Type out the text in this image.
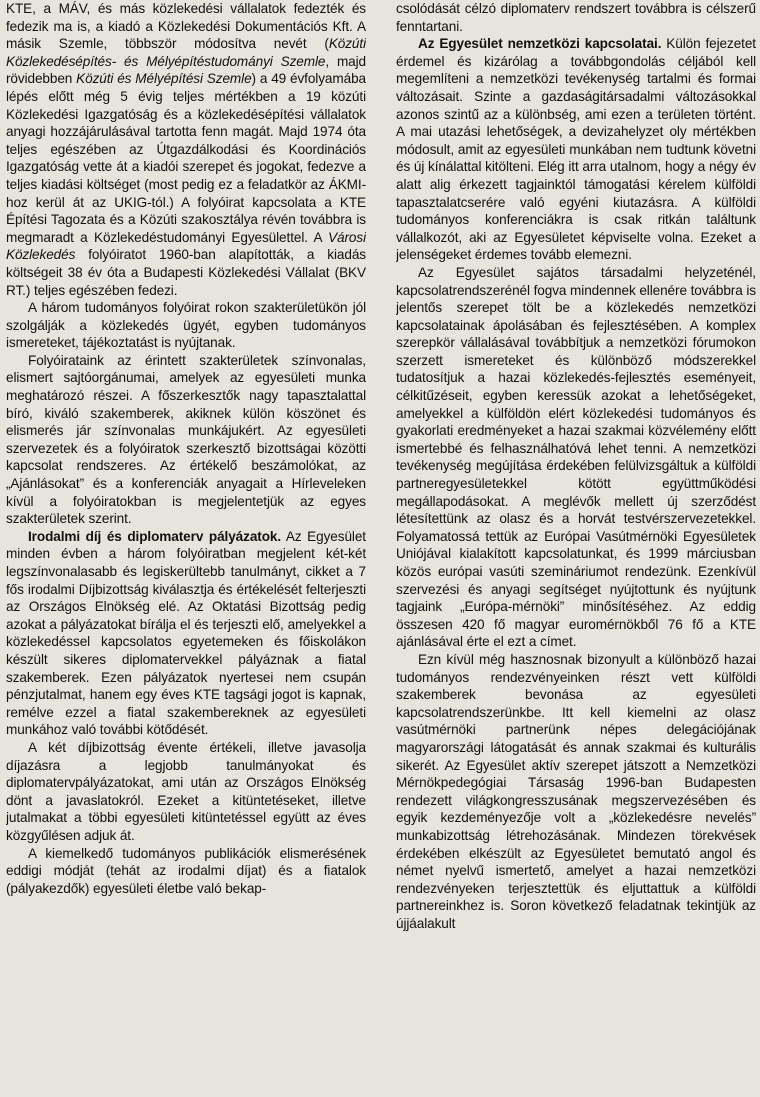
KTE, a MÁV, és más közlekedési vállalatok fedezték és fedezik ma is, a kiadó a Közlekedési Dokumentációs Kft. A másik Szemle, többször módosítva nevét (Közúti Közlekedésépítés- és Mélyépítéstudományi Szemle, majd rövidebben Közúti és Mélyépítési Szemle) a 49 évfolyamába lépés előtt még 5 évig teljes mértékben a 19 közúti Közlekedési Igazgatóság és a közlekedésépítési vállalatok anyagi hozzájárulásával tartotta fenn magát. Majd 1974 óta teljes egészében az Útgazdálkodási és Koordinációs Igazgatóság vette át a kiadói szerepet és jogokat, fedezve a teljes kiadási költséget (most pedig ez a feladatkör az ÁKMI-hoz kerül át az UKIG-tól.) A folyóirat kapcsolata a KTE Építési Tagozata és a Közúti szakosztálya révén továbbra is megmaradt a Közlekedéstudományi Egyesülettel. A Városi Közlekedés folyóiratot 1960-ban alapították, a kiadás költségeit 38 év óta a Budapesti Közlekedési Vállalat (BKV RT.) teljes egészében fedezi.

A három tudományos folyóirat rokon szakterületükön jól szolgálják a közlekedés ügyét, egyben tudományos ismereteket, tájékoztatást is nyújtanak.

Folyóirataink az érintett szakterületek színvonalas, elismert sajtóorgánumai, amelyek az egyesületi munka meghatározó részei. A főszerkesztők nagy tapasztalattal bíró, kiváló szakemberek, akiknek külön köszönet és elismerés jár színvonalas munkájukért. Az egyesületi szervezetek és a folyóiratok szerkesztő bizottságai közötti kapcsolat rendszeres. Az értékelő beszámolókat, az „Ajánlásokat” és a konferenciák anyagait a Hírleveleken kívül a folyóiratokban is megjelentetjük az egyes szakterületek szerint.

Irodalmi díj és diplomaterv pályázatok. Az Egyesület minden évben a három folyóiratban megjelent két-két legszínvonalasabb és legiskerültebb tanulmányt, cikket a 7 fős irodalmi Díjbizottság kiválasztja és értékelését felterjeszti az Országos Elnökség elé. Az Oktatási Bizottság pedig azokat a pályázatokat bírálja el és terjeszti elő, amelyekkel a közlekedéssel kapcsolatos egyetemeken és főiskolákon készült sikeres diplomatervekkel pályáznak a fiatal szakemberek. Ezen pályázatok nyertesei nem csupán pénzjutalmat, hanem egy éves KTE tagsági jogot is kapnak, remélve ezzel a fiatal szakembereknek az egyesületi munkához való további kötődését.

A két díjbizottság évente értékeli, illetve javasolja díjazásra a legjobb tanulmányokat és diplomatervpályázatokat, ami után az Országos Elnökség dönt a javaslatokról. Ezeket a kitüntetéseket, illetve jutalmakat a többi egyesületi kitüntetéssel együtt az éves közgyűlésen adjuk át.

A kiemelkedő tudományos publikációk elismerésének eddigi módját (tehát az irodalmi díjat) és a fiatalok (pályakezdők) egyesületi életbe való bekap-

csolódását célzó diplomaterv rendszert továbbra is célszerű fenntartani.

Az Egyesület nemzetközi kapcsolatai. Külön fejezetet érdemel és kizárólag a továbbgondolás céljából kell megemlíteni a nemzetközi tevékenység tartalmi és formai változásait. Szinte a gazdaságitársadalmi változásokkal azonos szintű az a különbség, ami ezen a területen történt. A mai utazási lehetőségek, a devizahelyzet oly mértékben módosult, amit az egyesületi munkában nem tudtunk követni és új kínálattal kitölteni. Elég itt arra utalnom, hogy a négy év alatt alig érkezett tagjainktól támogatási kérelem külföldi tapasztalatcserére való egyéni kiutazásra. A külföldi tudományos konferenciákra is csak ritkán találtunk vállalkozót, aki az Egyesületet képviselte volna. Ezeket a jelenségeket érdemes tovább elemezni.

Az Egyesület sajátos társadalmi helyzeténél, kapcsolatrendszerénél fogva mindennek ellenére továbbra is jelentős szerepet tölt be a közlekedés nemzetközi kapcsolatainak ápolásában és fejlesztésében. A komplex szerepkör vállalásával továbbítjuk a nemzetközi fórumokon szerzett ismereteket és különböző módszerekkel tudatosítjuk a hazai közlekedés-fejlesztés eseményeit, célkitűzéseit, egyben keressük azokat a lehetőségeket, amelyekkel a külföldön elért közlekedési tudományos és gyakorlati eredményeket a hazai szakmai közvélemény előtt ismertebbé és felhasználhatóvá lehet tenni. A nemzetközi tevékenység megújítása érdekében felülvizsgáltuk a külföldi partneregyesületekkel kötött együttműködési megállapodásokat. A meglévők mellett új szerződést létesítettünk az olasz és a horvát testvérszervezetekkel. Folyamatossá tettük az Európai Vasútmérnöki Egyesületek Uniójával kialakított kapcsolatunkat, és 1999 márciusban közös európai vasúti szemináriumot rendezünk. Ezenkívül szervezési és anyagi segítséget nyújtottunk és nyújtunk tagjaink „Európa-mérnöki” minősítéséhez. Az eddig összesen 420 fő magyar euromérnökből 76 fő a KTE ajánlásával érte el ezt a címet.

Ezn kívül még hasznosnak bizonyult a különböző hazai tudományos rendezvényeinken részt vett külföldi szakemberek bevonása az egyesületi kapcsolatrendszerünkbe. Itt kell kiemelni az olasz vasútmérnöki partnerünk népes delegációjának magyarországi látogatását és annak szakmai és kulturális sikerét. Az Egyesület aktív szerepet játszott a Nemzetközi Mérnökpedegógiai Társaság 1996-ban Budapesten rendezett világkongresszusának megszervezésében és egyik kezdeményezője volt a „közlekedésre nevelés” munkabizottság létrehozásának. Mindezen törekvések érdekében elkészült az Egyesületet bemutató angol és német nyelvű ismertető, amelyet a hazai nemzetközi rendezvényeken terjesztettük és eljuttattuk a külföldi partnereinkhez is. Soron következő feladatnak tekintjük az újjáalakult
